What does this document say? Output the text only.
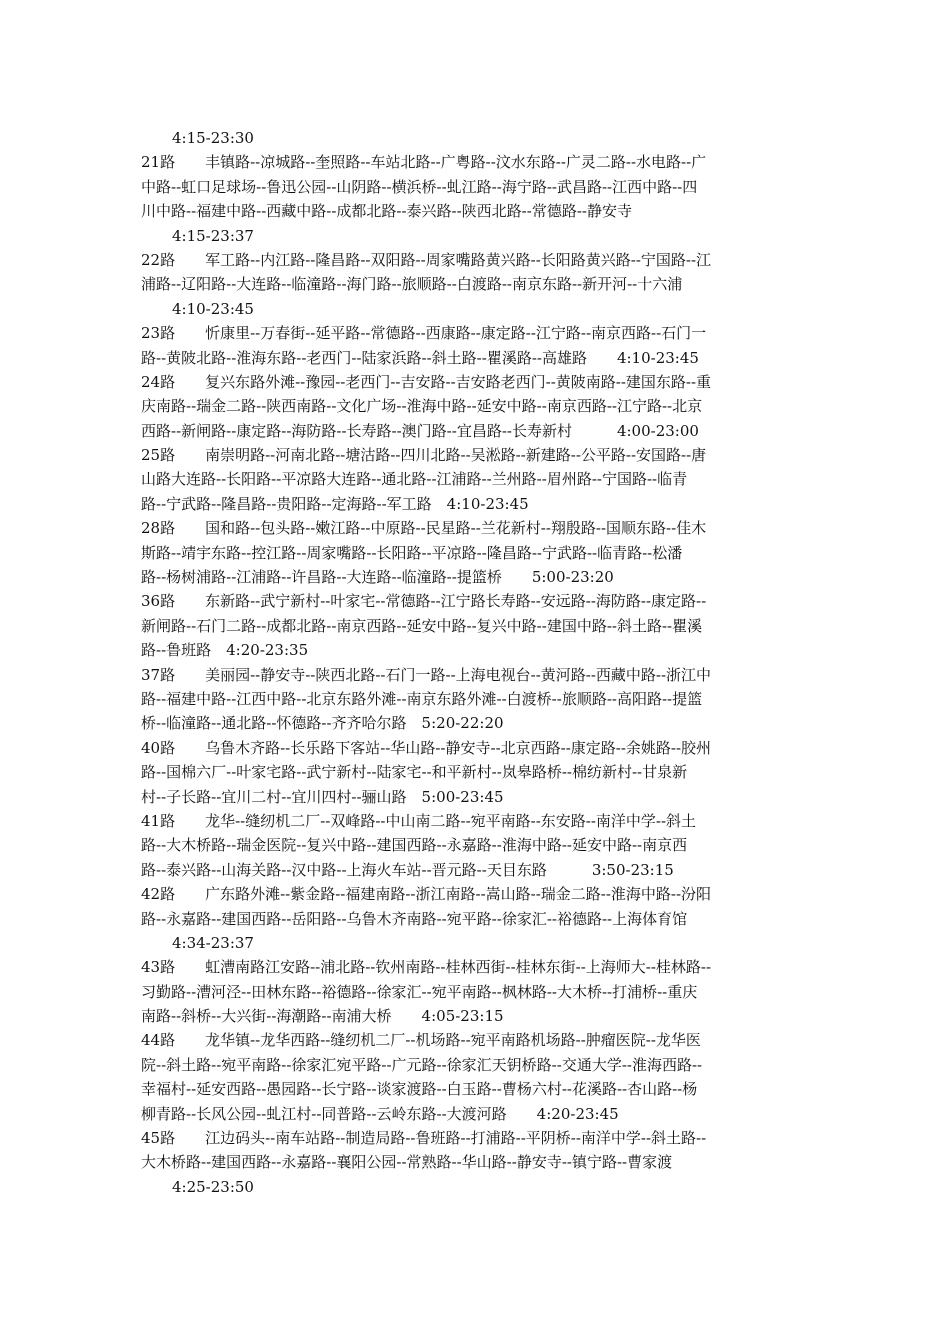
4:15-23:30
21路　　丰镇路--凉城路--奎照路--车站北路--广粤路--汶水东路--广灵二路--水电路--广
中路--虹口足球场--鲁迅公园--山阴路--横浜桥--虬江路--海宁路--武昌路--江西中路--四
川中路--福建中路--西藏中路--成都北路--泰兴路--陕西北路--常德路--静安寺
4:15-23:37
22路　　军工路--内江路--隆昌路--双阳路--周家嘴路黄兴路--长阳路黄兴路--宁国路--江
浦路--辽阳路--大连路--临潼路--海门路--旅顺路--白渡路--南京东路--新开河--十六浦
4:10-23:45
23路　　忻康里--万春街--延平路--常德路--西康路--康定路--江宁路--南京西路--石门一
路--黄陂北路--淮海东路--老西门--陆家浜路--斜土路--瞿溪路--高雄路　　4:10-23:45
24路　　复兴东路外滩--豫园--老西门--吉安路--吉安路老西门--黄陂南路--建国东路--重
庆南路--瑞金二路--陕西南路--文化广场--淮海中路--延安中路--南京西路--江宁路--北京
西路--新闸路--康定路--海防路--长寿路--澳门路--宜昌路--长寿新村　　　4:00-23:00
25路　　南崇明路--河南北路--塘沽路--四川北路--吴淞路--新建路--公平路--安国路--唐
山路大连路--长阳路--平凉路大连路--通北路--江浦路--兰州路--眉州路--宁国路--临青
路--宁武路--隆昌路--贵阳路--定海路--军工路　4:10-23:45
28路　　国和路--包头路--嫩江路--中原路--民星路--兰花新村--翔殷路--国顺东路--佳木
斯路--靖宇东路--控江路--周家嘴路--长阳路--平凉路--隆昌路--宁武路--临青路--松潘
路--杨树浦路--江浦路--许昌路--大连路--临潼路--提篮桥　　5:00-23:20
36路　　东新路--武宁新村--叶家宅--常德路--江宁路长寿路--安远路--海防路--康定路--
新闸路--石门二路--成都北路--南京西路--延安中路--复兴中路--建国中路--斜土路--瞿溪
路--鲁班路　4:20-23:35
37路　　美丽园--静安寺--陕西北路--石门一路--上海电视台--黄河路--西藏中路--浙江中
路--福建中路--江西中路--北京东路外滩--南京东路外滩--白渡桥--旅顺路--高阳路--提篮
桥--临潼路--通北路--怀德路--齐齐哈尔路　5:20-22:20
40路　　乌鲁木齐路--长乐路下客站--华山路--静安寺--北京西路--康定路--余姚路--胶州
路--国棉六厂--叶家宅路--武宁新村--陆家宅--和平新村--岚皋路桥--棉纺新村--甘泉新
村--子长路--宜川二村--宜川四村--骊山路　5:00-23:45
41路　　龙华--缝纫机二厂--双峰路--中山南二路--宛平南路--东安路--南洋中学--斜土
路--大木桥路--瑞金医院--复兴中路--建国西路--永嘉路--淮海中路--延安中路--南京西
路--泰兴路--山海关路--汉中路--上海火车站--晋元路--天目东路　　　3:50-23:15
42路　　广东路外滩--紫金路--福建南路--浙江南路--嵩山路--瑞金二路--淮海中路--汾阳
路--永嘉路--建国西路--岳阳路--乌鲁木齐南路--宛平路--徐家汇--裕德路--上海体育馆
4:34-23:37
43路　　虹漕南路江安路--浦北路--钦州南路--桂林西街--桂林东街--上海师大--桂林路--
习勤路--漕河泾--田林东路--裕德路--徐家汇--宛平南路--枫林路--大木桥--打浦桥--重庆
南路--斜桥--大兴街--海潮路--南浦大桥　　4:05-23:15
44路　　龙华镇--龙华西路--缝纫机二厂--机场路--宛平南路机场路--肿瘤医院--龙华医
院--斜土路--宛平南路--徐家汇宛平路--广元路--徐家汇天钥桥路--交通大学--淮海西路--
幸福村--延安西路--愚园路--长宁路--谈家渡路--白玉路--曹杨六村--花溪路--杏山路--杨
柳青路--长风公园--虬江村--同普路--云岭东路--大渡河路　　4:20-23:45
45路　　江边码头--南车站路--制造局路--鲁班路--打浦路--平阴桥--南洋中学--斜土路--
大木桥路--建国西路--永嘉路--襄阳公园--常熟路--华山路--静安寺--镇宁路--曹家渡
4:25-23:50
